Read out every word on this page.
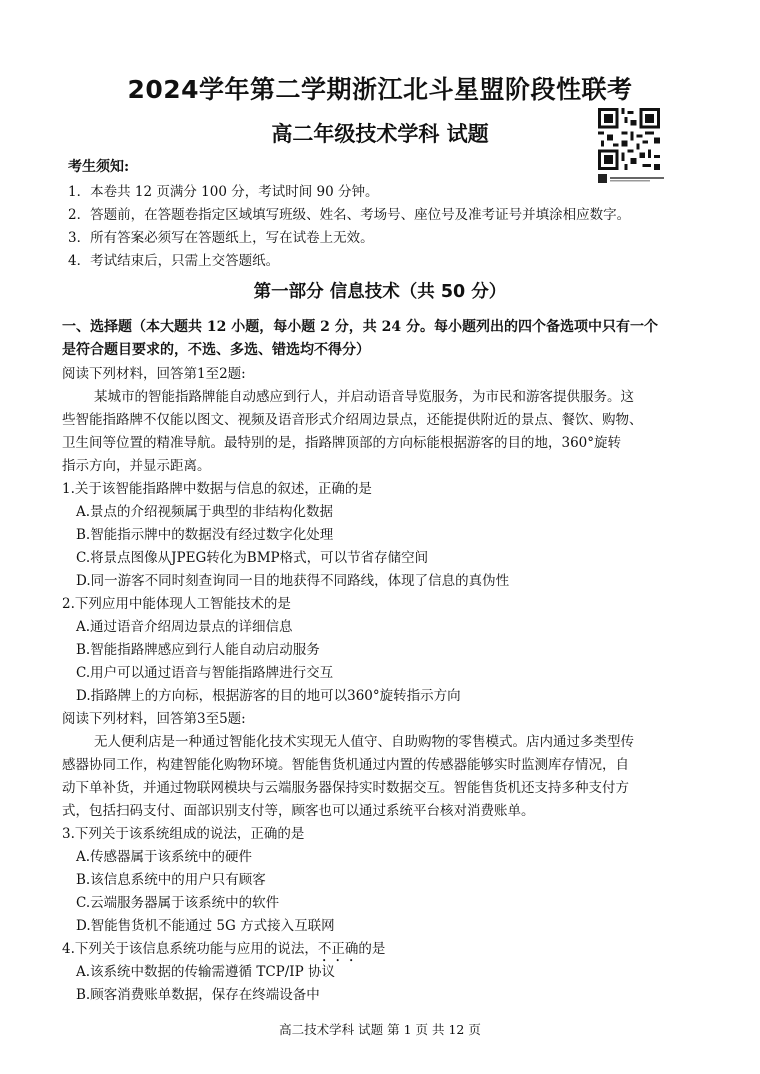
2024学年第二学期浙江北斗星盟阶段性联考
高二年级技术学科 试题
考生须知:
1．本卷共 12 页满分 100 分，考试时间 90 分钟。
2．答题前，在答题卷指定区域填写班级、姓名、考场号、座位号及准考证号并填涂相应数字。
3．所有答案必须写在答题纸上，写在试卷上无效。
4．考试结束后，只需上交答题纸。
第一部分 信息技术（共 50 分）
一、选择题（本大题共 12 小题，每小题 2 分，共 24 分。每小题列出的四个备选项中只有一个
是符合题目要求的，不选、多选、错选均不得分）
阅读下列材料，回答第1至2题:
某城市的智能指路牌能自动感应到行人，并启动语音导览服务，为市民和游客提供服务。这
些智能指路牌不仅能以图文、视频及语音形式介绍周边景点，还能提供附近的景点、餐饮、购物、
卫生间等位置的精准导航。最特别的是，指路牌顶部的方向标能根据游客的目的地，360°旋转
指示方向，并显示距离。
1.关于该智能指路牌中数据与信息的叙述，正确的是
A.景点的介绍视频属于典型的非结构化数据
B.智能指示牌中的数据没有经过数字化处理
C.将景点图像从JPEG转化为BMP格式，可以节省存储空间
D.同一游客不同时刻查询同一目的地获得不同路线，体现了信息的真伪性
2.下列应用中能体现人工智能技术的是
A.通过语音介绍周边景点的详细信息
B.智能指路牌感应到行人能自动启动服务
C.用户可以通过语音与智能指路牌进行交互
D.指路牌上的方向标，根据游客的目的地可以360°旋转指示方向
阅读下列材料，回答第3至5题:
无人便利店是一种通过智能化技术实现无人值守、自助购物的零售模式。店内通过多类型传
感器协同工作，构建智能化购物环境。智能售货机通过内置的传感器能够实时监测库存情况，自
动下单补货，并通过物联网模块与云端服务器保持实时数据交互。智能售货机还支持多种支付方
式，包括扫码支付、面部识别支付等，顾客也可以通过系统平台核对消费账单。
3.下列关于该系统组成的说法，正确的是
A.传感器属于该系统中的硬件
B.该信息系统中的用户只有顾客
C.云端服务器属于该系统中的软件
D.智能售货机不能通过 5G 方式接入互联网
4.下列关于该信息系统功能与应用的说法，不正确的是
A.该系统中数据的传输需遵循 TCP/IP 协议
B.顾客消费账单数据，保存在终端设备中
高二技术学科 试题 第 1 页 共 12 页
